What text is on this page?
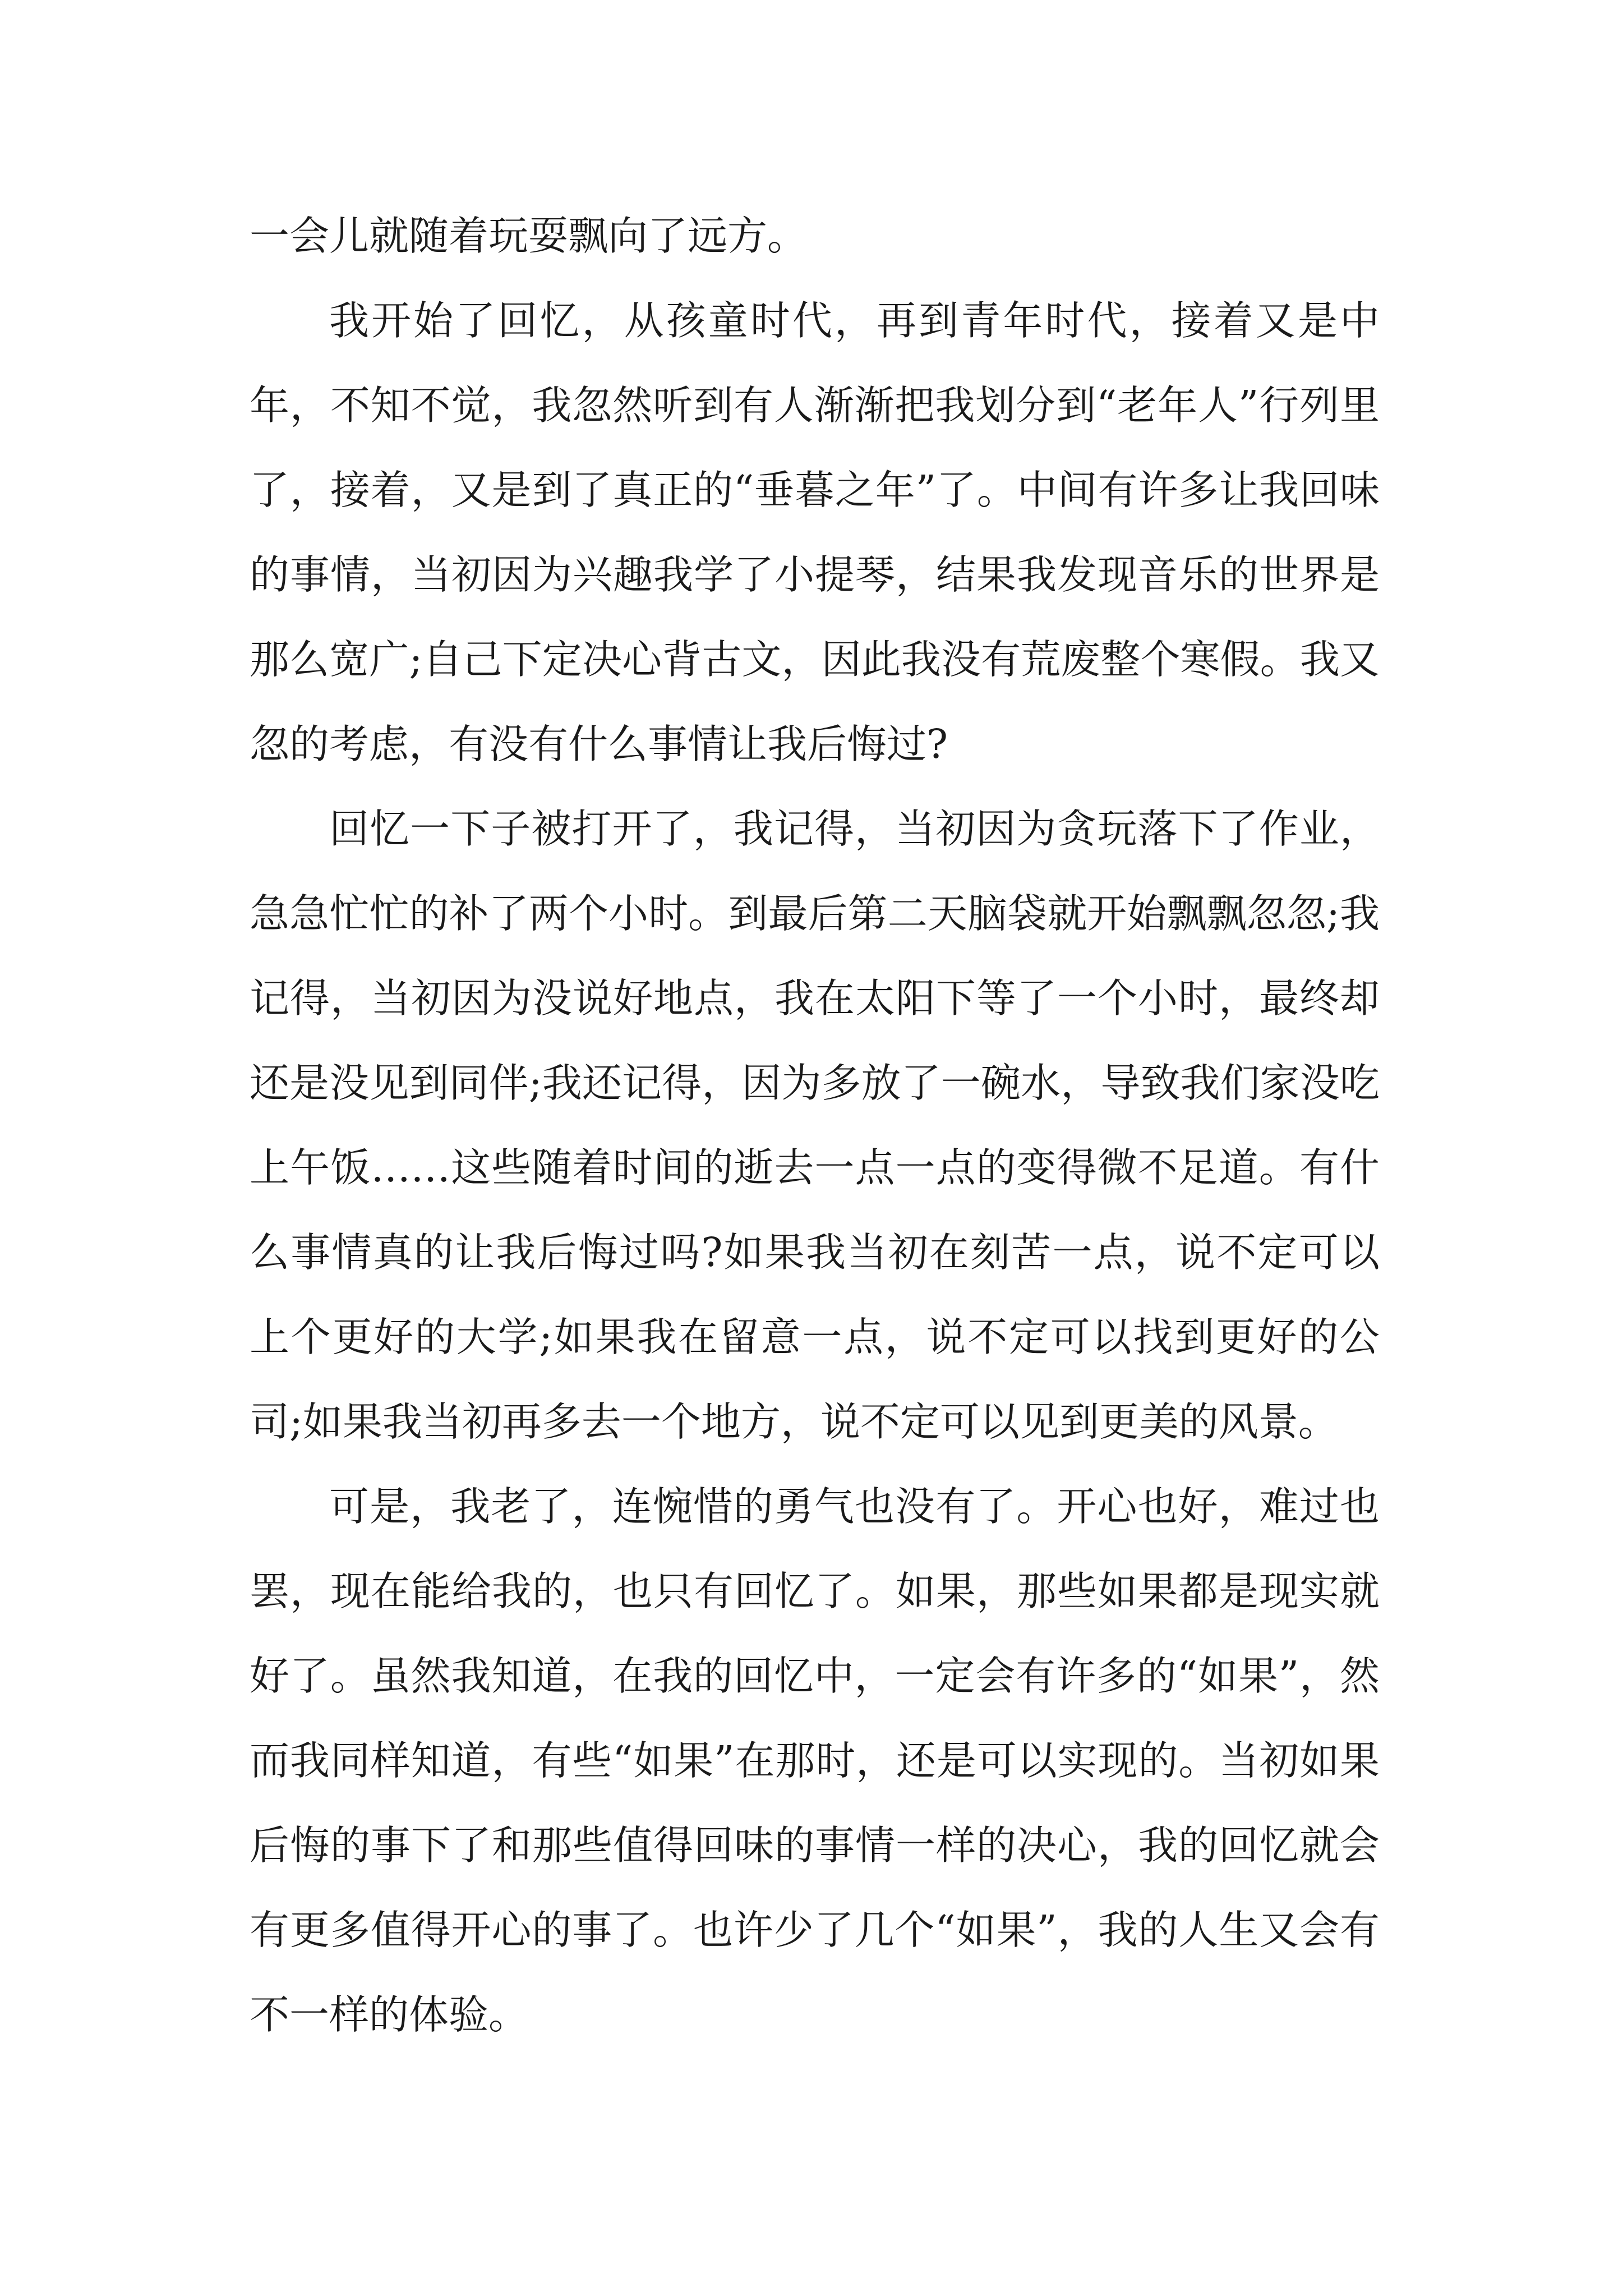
一会儿就随着玩耍飘向了远方。

我开始了回忆，从孩童时代，再到青年时代，接着又是中年，不知不觉，我忽然听到有人渐渐把我划分到“老年人”行列里了，接着，又是到了真正的“垂暮之年”了。中间有许多让我回味的事情，当初因为兴趣我学了小提琴，结果我发现音乐的世界是那么宽广;自己下定决心背古文，因此我没有荒废整个寒假。我又忽的考虑，有没有什么事情让我后悔过?

回忆一下子被打开了，我记得，当初因为贪玩落下了作业，急急忙忙的补了两个小时。到最后第二天脑袋就开始飘飘忽忽;我记得，当初因为没说好地点，我在太阳下等了一个小时，最终却还是没见到同伴;我还记得，因为多放了一碗水，导致我们家没吃上午饭……这些随着时间的逝去一点一点的变得微不足道。有什么事情真的让我后悔过吗?如果我当初在刻苦一点，说不定可以上个更好的大学;如果我在留意一点，说不定可以找到更好的公司;如果我当初再多去一个地方，说不定可以见到更美的风景。

可是，我老了，连惋惜的勇气也没有了。开心也好，难过也罢，现在能给我的，也只有回忆了。如果，那些如果都是现实就好了。虽然我知道，在我的回忆中，一定会有许多的“如果”，然而我同样知道，有些“如果”在那时，还是可以实现的。当初如果后悔的事下了和那些值得回味的事情一样的决心，我的回忆就会有更多值得开心的事了。也许少了几个“如果”，我的人生又会有不一样的体验。
